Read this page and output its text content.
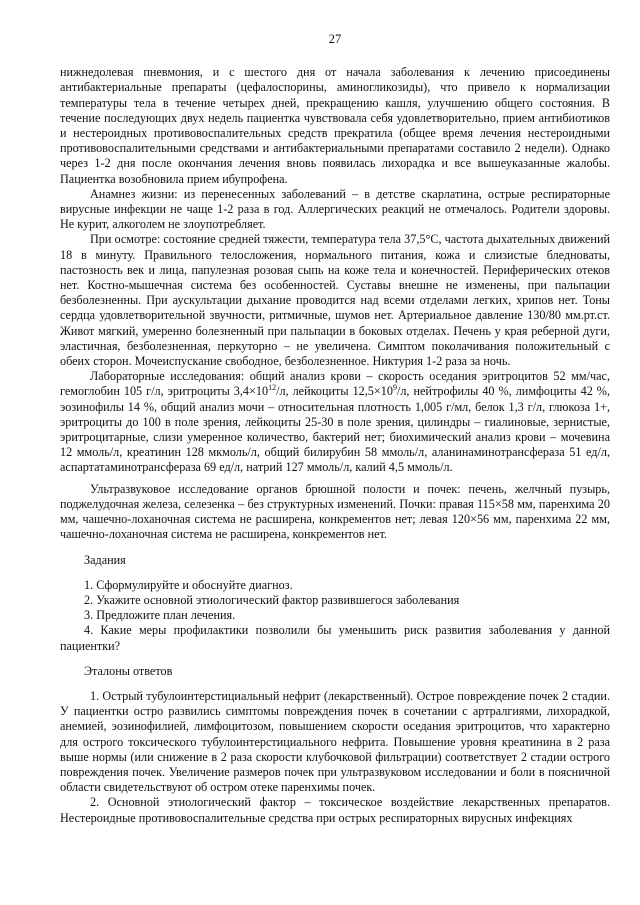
27

нижнедолевая пневмония, и с шестого дня от начала заболевания к лечению присоединены антибактериальные препараты (цефалоспорины, аминогликозиды), что привело к нормализации температуры тела в течение четырех дней, прекращению кашля, улучшению общего состояния. В течение последующих двух недель пациентка чувствовала себя удовлетворительно, прием антибиотиков и нестероидных противовоспалительных средств прекратила (общее время лечения нестероидными противовоспалительными средствами и антибактериальными препаратами составило 2 недели). Однако через 1-2 дня после окончания лечения вновь появилась лихорадка и все вышеуказанные жалобы. Пациентка возобновила прием ибупрофена.

Анамнез жизни: из перенесенных заболеваний – в детстве скарлатина, острые респираторные вирусные инфекции не чаще 1-2 раза в год. Аллергических реакций не отмечалось. Родители здоровы. Не курит, алкоголем не злоупотребляет.

При осмотре: состояние средней тяжести, температура тела 37,5°С, частота дыхательных движений 18 в минуту. Правильного телосложения, нормального питания, кожа и слизистые бледноваты, пастозность век и лица, папулезная розовая сыпь на коже тела и конечностей. Периферических отеков нет. Костно-мышечная система без особенностей. Суставы внешне не изменены, при пальпации безболезненны. При аускультации дыхание проводится над всеми отделами легких, хрипов нет. Тоны сердца удовлетворительной звучности, ритмичные, шумов нет. Артериальное давление 130/80 мм.рт.ст. Живот мягкий, умеренно болезненный при пальпации в боковых отделах. Печень у края реберной дуги, эластичная, безболезненная, перкуторно – не увеличена. Симптом поколачивания положительный с обеих сторон. Мочеиспускание свободное, безболезненное. Никтурия 1-2 раза за ночь.

Лабораторные исследования: общий анализ крови – скорость оседания эритроцитов 52 мм/час, гемоглобин 105 г/л, эритроциты $3,4\times 10^{12}/л$, лейкоциты $12,5\times 10^9/л$, нейтрофилы 40 %, лимфоциты 42 %, эозинофилы 14 %, общий анализ мочи – относительная плотность 1,005 г/мл, белок 1,3 г/л, глюкоза 1+, эритроциты до 100 в поле зрения, лейкоциты 25-30 в поле зрения, цилиндры – гиалиновые, зернистые, эритроцитарные, слизи умеренное количество, бактерий нет; биохимический анализ крови – мочевина 12 ммоль/л, креатинин 128 мкмоль/л, общий билирубин 58 ммоль/л, аланинаминотрансфераза 51 ед/л, аспартатаминотрансфераза 69 ед/л, натрий 127 ммоль/л, калий 4,5 ммоль/л.

Ультразвуковое исследование органов брюшной полости и почек: печень, желчный пузырь, поджелудочная железа, селезенка – без структурных изменений. Почки: правая 115×58 мм, паренхима 20 мм, чашечно-лоханочная система не расширена, конкрементов нет; левая 120×56 мм, паренхима 22 мм, чашечно-лоханочная система не расширена, конкрементов нет.

Задания

1. Сформулируйте и обоснуйте диагноз.

2. Укажите основной этиологический фактор развившегося заболевания

3. Предложите план лечения.

4. Какие меры профилактики позволили бы уменьшить риск развития заболевания у данной пациентки?

Эталоны ответов

1. Острый тубулоинтерстициальный нефрит (лекарственный). Острое повреждение почек 2 стадии. У пациентки остро развились симптомы повреждения почек в сочетании с артралгиями, лихорадкой, анемией, эозинофилией, лимфоцитозом, повышением скорости оседания эритроцитов, что характерно для острого токсического тубулоинтерстициального нефрита. Повышение уровня креатинина в 2 раза выше нормы (или снижение в 2 раза скорости клубочковой фильтрации) соответствует 2 стадии острого повреждения почек. Увеличение размеров почек при ультразвуковом исследовании и боли в поясничной области свидетельствуют об остром отеке паренхимы почек.

2. Основной этиологический фактор – токсическое воздействие лекарственных препаратов. Нестероидные противовоспалительные средства при острых респираторных вирусных инфекциях
